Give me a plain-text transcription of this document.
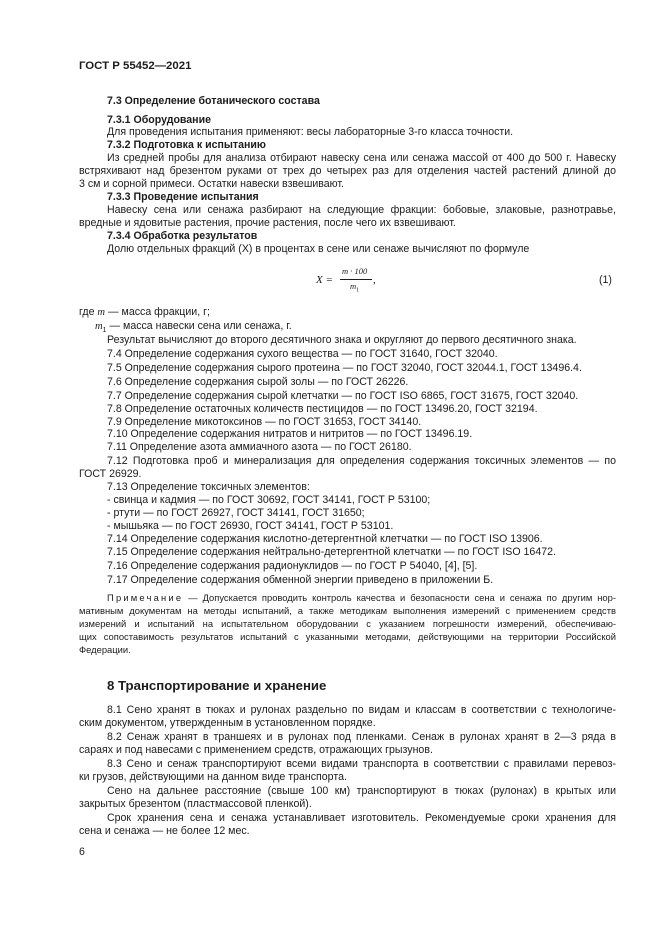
ГОСТ Р 55452—2021
7.3 Определение ботанического состава
7.3.1 Оборудование
Для проведения испытания применяют: весы лабораторные 3-го класса точности.
7.3.2 Подготовка к испытанию
Из средней пробы для анализа отбирают навеску сена или сенажа массой от 400 до 500 г. Навеску
встряхивают над брезентом руками от трех до четырех раз для отделения частей растений длиной до
3 см и сорной примеси. Остатки навески взвешивают.
7.3.3 Проведение испытания
Навеску сена или сенажа разбирают на следующие фракции: бобовые, злаковые, разнотравье,
вредные и ядовитые растения, прочие растения, после чего их взвешивают.
7.3.4 Обработка результатов
Долю отдельных фракций (X) в процентах в сене или сенаже вычисляют по формуле
X =
m · 100
$m_1$
,	(1)
где m — масса фракции, г;
$m_1$ — масса навески сена или сенажа, г.
Результат вычисляют до второго десятичного знака и округляют до первого десятичного знака.
7.4 Определение содержания сухого вещества — по ГОСТ 31640, ГОСТ 32040.
7.5 Определение содержания сырого протеина — по ГОСТ 32040, ГОСТ 32044.1, ГОСТ 13496.4.
7.6 Определение содержания сырой золы — по ГОСТ 26226.
7.7 Определение содержания сырой клетчатки — по ГОСТ ISO 6865, ГОСТ 31675, ГОСТ 32040.
7.8 Определение остаточных количеств пестицидов — по ГОСТ 13496.20, ГОСТ 32194.
7.9 Определение микотоксинов — по ГОСТ 31653, ГОСТ 34140.
7.10 Определение содержания нитратов и нитритов — по ГОСТ 13496.19.
7.11 Определение азота аммиачного азота — по ГОСТ 26180.
7.12 Подготовка проб и минерализация для определения содержания токсичных элементов — по
ГОСТ 26929.
7.13 Определение токсичных элементов:
- свинца и кадмия — по ГОСТ 30692, ГОСТ 34141, ГОСТ Р 53100;
- ртути — по ГОСТ 26927, ГОСТ 34141, ГОСТ 31650;
- мышьяка — по ГОСТ 26930, ГОСТ 34141, ГОСТ Р 53101.
7.14 Определение содержания кислотно-детергентной клетчатки — по ГОСТ ISO 13906.
7.15 Определение содержания нейтрально-детергентной клетчатки — по ГОСТ ISO 16472.
7.16 Определение содержания радионуклидов — по ГОСТ Р 54040, [4], [5].
7.17 Определение содержания обменной энергии приведено в приложении Б.
Примечание — Допускается проводить контроль качества и безопасности сена и сенажа по другим нор-
мативным документам на методы испытаний, а также методикам выполнения измерений с применением средств
измерений и испытаний на испытательном оборудовании с указанием погрешности измерений, обеспечиваю-
щих сопоставимость результатов испытаний с указанными методами, действующими на территории Российской
Федерации.
8 Транспортирование и хранение
8.1 Сено хранят в тюках и рулонах раздельно по видам и классам в соответствии с технологиче-
ским документом, утвержденным в установленном порядке.
8.2 Сенаж хранят в траншеях и в рулонах под пленками. Сенаж в рулонах хранят в 2—3 ряда в
сараях и под навесами с применением средств, отражающих грызунов.
8.3 Сено и сенаж транспортируют всеми видами транспорта в соответствии с правилами перевоз-
ки грузов, действующими на данном виде транспорта.
Сено на дальнее расстояние (свыше 100 км) транспортируют в тюках (рулонах) в крытых или
закрытых брезентом (пластмассовой пленкой).
Срок хранения сена и сенажа устанавливает изготовитель. Рекомендуемые сроки хранения для
сена и сенажа — не более 12 мес.
6
